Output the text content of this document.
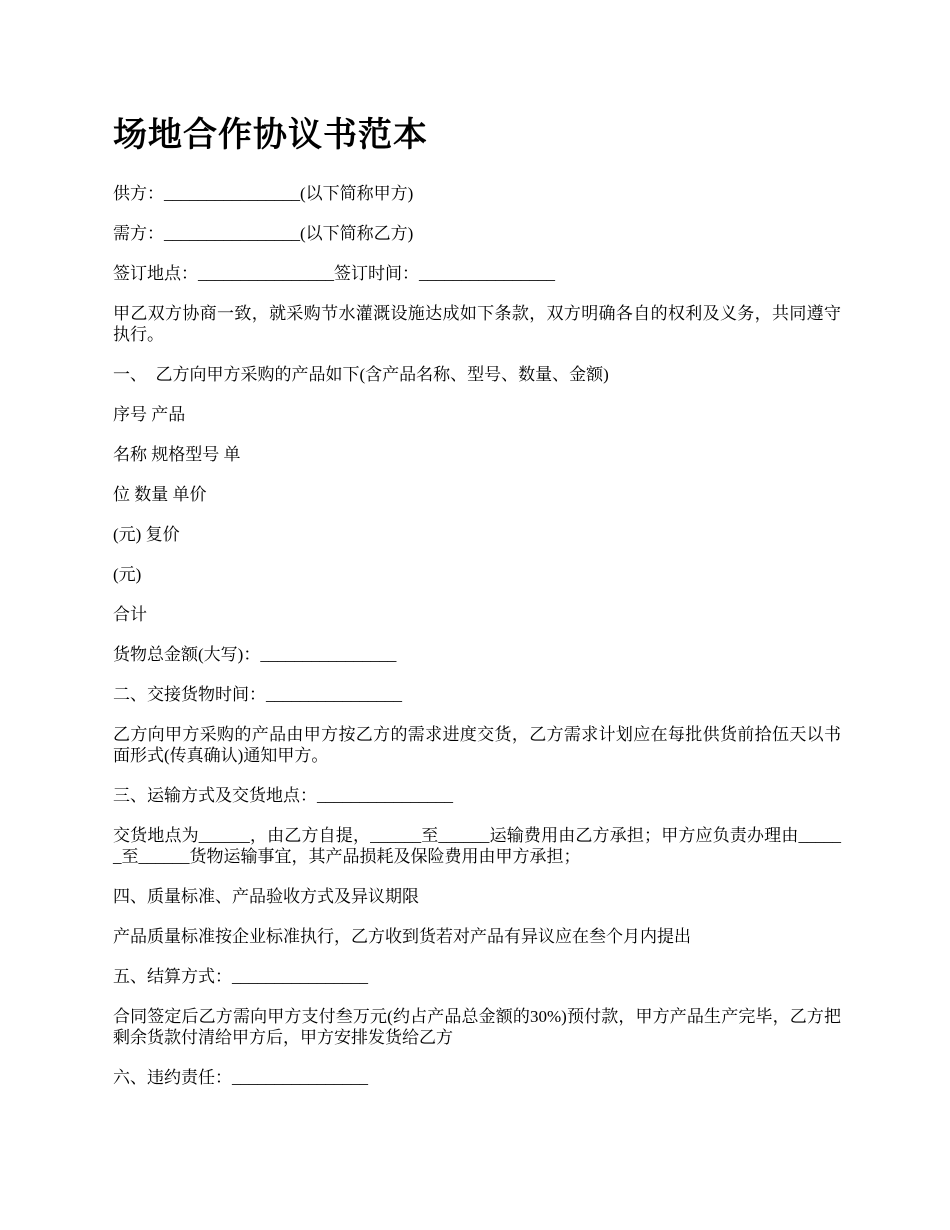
场地合作协议书范本

供方：________________(以下简称甲方)

需方：________________(以下简称乙方)

签订地点：________________签订时间：________________

甲乙双方协商一致，就采购节水灌溉设施达成如下条款，双方明确各自的权利及义务，共同遵守执行。

一、  乙方向甲方采购的产品如下(含产品名称、型号、数量、金额)

序号 产品

名称 规格型号 单

位 数量 单价

(元) 复价

(元)

合计

货物总金额(大写)：________________

二、交接货物时间：________________

乙方向甲方采购的产品由甲方按乙方的需求进度交货，乙方需求计划应在每批供货前拾伍天以书面形式(传真确认)通知甲方。

三、运输方式及交货地点：________________

交货地点为______，由乙方自提，______至______运输费用由乙方承担；甲方应负责办理由______至______货物运输事宜，其产品损耗及保险费用由甲方承担；

四、质量标准、产品验收方式及异议期限

产品质量标准按企业标准执行，乙方收到货若对产品有异议应在叁个月内提出

五、结算方式：________________

合同签定后乙方需向甲方支付叁万元(约占产品总金额的30%)预付款，甲方产品生产完毕，乙方把剩余货款付清给甲方后，甲方安排发货给乙方

六、违约责任：________________
